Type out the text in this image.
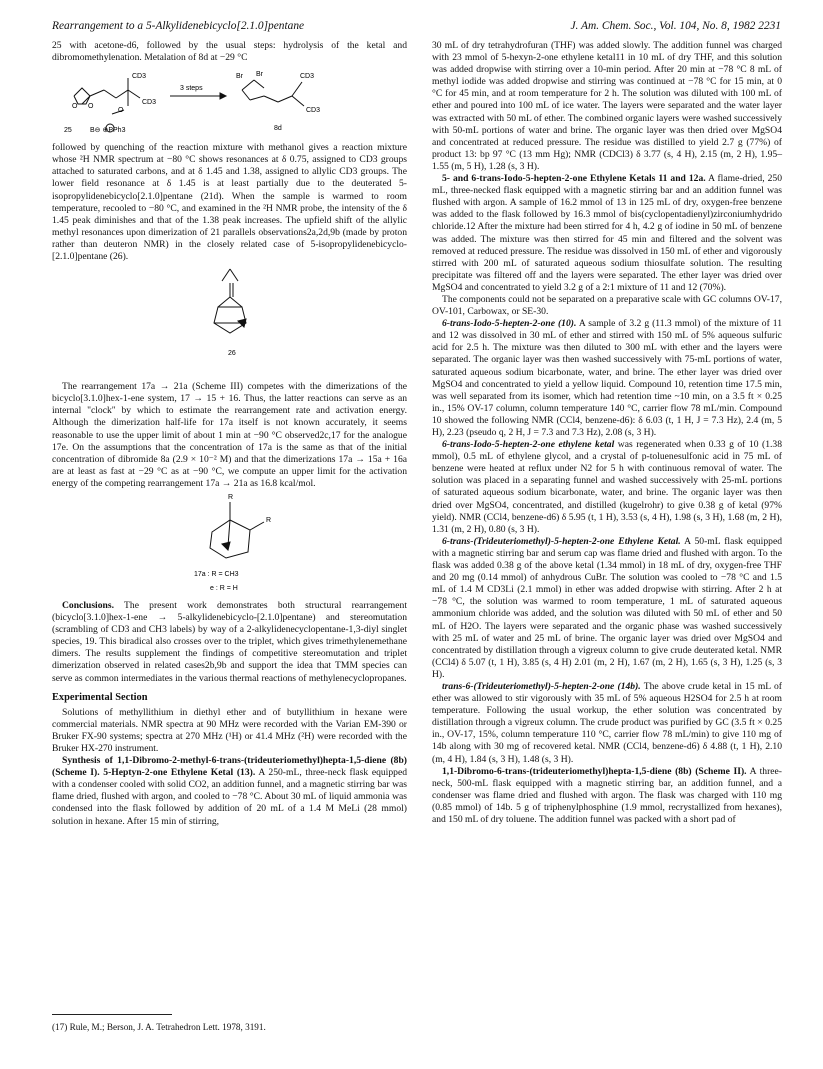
Rearrangement to a 5-Alkylidenebicyclo[2.1.0]pentane	J. Am. Chem. Soc., Vol. 104, No. 8, 1982 2231

25 with acetone-d6, followed by the usual steps: hydrolysis of the ketal and dibromomethylenation. Metalation of 8d at −29 °C

O O
CD3
O
CD3
25	B⊖ ⊕PPh3
3 steps
Br Br	CD3
CD3
8d

followed by quenching of the reaction mixture with methanol gives a reaction mixture whose ²H NMR spectrum at −80 °C shows resonances at δ 0.75, assigned to CD3 groups attached to saturated carbons, and at δ 1.45 and 1.38, assigned to allylic CD3 groups. The lower field resonance at δ 1.45 is at least partially due to the deuterated 5-isopropylidenebicyclo[2.1.0]pentane (21d). When the sample is warmed to room temperature, recooled to −80 °C, and examined in the ²H NMR probe, the intensity of the δ 1.45 peak diminishes and that of the 1.38 peak increases. The upfield shift of the allylic methyl resonances upon dimerization of 21 parallels observations2a,2d,9b (made by proton rather than deuteron NMR) in the closely related case of 5-isopropylidenebicyclo-[2.1.0]pentane (26).

26

The rearrangement 17a → 21a (Scheme III) competes with the dimerizations of the bicyclo[3.1.0]hex-1-ene system, 17 → 15 + 16. Thus, the latter reactions can serve as an internal "clock" by which to estimate the rearrangement rate and activation energy. Although the dimerization half-life for 17a itself is not known accurately, it seems reasonable to use the upper limit of about 1 min at −90 °C observed2c,17 for the analogue 17e. On the assumptions that the concentration of 17a is the same as that of the initial concentration of dibromide 8a (2.9 × 10⁻² M) and that the dimerizations 17a → 15a + 16a are at least as fast at −29 °C as at −90 °C, we compute an upper limit for the activation energy of the competing rearrangement 17a → 21a as 16.8 kcal/mol.

R
R
17a : R = CH3
e : R = H

Conclusions. The present work demonstrates both structural rearrangement (bicyclo[3.1.0]hex-1-ene → 5-alkylidenebicyclo-[2.1.0]pentane) and stereomutation (scrambling of CD3 and CH3 labels) by way of a 2-alkylidenecyclopentane-1,3-diyl singlet species, 19. This biradical also crosses over to the triplet, which gives trimethylenemethane dimers. The results supplement the findings of competitive stereomutation and triplet dimerization observed in related cases2b,9b and support the idea that TMM species can serve as common intermediates in the various thermal reactions of methylenecyclopropanes.

Experimental Section

Solutions of methyllithium in diethyl ether and of butyllithium in hexane were commercial materials. NMR spectra at 90 MHz were recorded with the Varian EM-390 or Bruker FX-90 systems; spectra at 270 MHz (¹H) or 41.4 MHz (²H) were recorded with the Bruker HX-270 instrument.

Synthesis of 1,1-Dibromo-2-methyl-6-trans-(trideuteriomethyl)hepta-1,5-diene (8b) (Scheme I). 5-Heptyn-2-one Ethylene Ketal (13). A 250-mL, three-neck flask equipped with a condenser cooled with solid CO2, an addition funnel, and a magnetic stirring bar was flame dried, flushed with argon, and cooled to −78 °C. About 30 mL of liquid ammonia was condensed into the flask followed by addition of 20 mL of a 1.4 M MeLi (28 mmol) solution in hexane. After 15 min of stirring,

(17) Rule, M.; Berson, J. A. Tetrahedron Lett. 1978, 3191.

30 mL of dry tetrahydrofuran (THF) was added slowly. The addition funnel was charged with 23 mmol of 5-hexyn-2-one ethylene ketal11 in 10 mL of dry THF, and this solution was added dropwise with stirring over a 10-min period. After 20 min at −78 °C 8 mL of methyl iodide was added dropwise and stirring was continued at −78 °C for 15 min, at 0 °C for 45 min, and at room temperature for 2 h. The solution was diluted with 100 mL of ether and poured into 100 mL of ice water. The layers were separated and the water layer was extracted with 50 mL of ether. The combined organic layers were washed successively with 50-mL portions of water and brine. The organic layer was then dried over MgSO4 and concentrated at reduced pressure. The residue was distilled to yield 2.7 g (77%) of product 13: bp 97 °C (13 mm Hg); NMR (CDCl3) δ 3.77 (s, 4 H), 2.15 (m, 2 H), 1.95–1.55 (m, 5 H), 1.28 (s, 3 H).

5- and 6-trans-Iodo-5-hepten-2-one Ethylene Ketals 11 and 12a. A flame-dried, 250 mL, three-necked flask equipped with a magnetic stirring bar and an addition funnel was flushed with argon. A sample of 16.2 mmol of 13 in 125 mL of dry, oxygen-free benzene was added to the flask followed by 16.3 mmol of bis(cyclopentadienyl)zirconiumhydrido chloride.12 After the mixture had been stirred for 4 h, 4.2 g of iodine in 50 mL of benzene was added. The mixture was then stirred for 45 min and filtered and the solvent was removed at reduced pressure. The residue was dissolved in 150 mL of ether and vigorously stirred with 200 mL of saturated aqueous sodium thiosulfate solution. The resulting precipitate was filtered off and the layers were separated. The ether layer was dried over MgSO4 and concentrated to yield 3.2 g of a 2:1 mixture of 11 and 12 (70%).

The components could not be separated on a preparative scale with GC columns OV-17, OV-101, Carbowax, or SE-30.

6-trans-Iodo-5-hepten-2-one (10). A sample of 3.2 g (11.3 mmol) of the mixture of 11 and 12 was dissolved in 30 mL of ether and stirred with 150 mL of 5% aqueous sulfuric acid for 2.5 h. The mixture was then diluted to 300 mL with ether and the layers were separated. The organic layer was then washed successively with 75-mL portions of water, saturated aqueous sodium bicarbonate, water, and brine. The ether layer was dried over MgSO4 and concentrated to yield a yellow liquid. Compound 10, retention time 17.5 min, was well separated from its isomer, which had retention time ~10 min, on a 3.5 ft × 0.25 in., 15% OV-17 column, column temperature 140 °C, carrier flow 78 mL/min. Compound 10 showed the following NMR (CCl4, benzene-d6): δ 6.03 (t, 1 H, J = 7.3 Hz), 2.4 (m, 5 H), 2.23 (pseudo q, 2 H, J = 7.3 and 7.3 Hz), 2.08 (s, 3 H).

6-trans-Iodo-5-hepten-2-one ethylene ketal was regenerated when 0.33 g of 10 (1.38 mmol), 0.5 mL of ethylene glycol, and a crystal of p-toluenesulfonic acid in 75 mL of benzene were heated at reflux under N2 for 5 h with continuous removal of water. The solution was placed in a separating funnel and washed successively with 25-mL portions of saturated aqueous sodium bicarbonate, water, and brine. The organic layer was then dried over MgSO4, concentrated, and distilled (kugelrohr) to give 0.38 g of ketal (97% yield). NMR (CCl4, benzene-d6) δ 5.95 (t, 1 H), 3.53 (s, 4 H), 1.98 (s, 3 H), 1.68 (m, 2 H), 1.31 (m, 2 H), 0.80 (s, 3 H).

6-trans-(Trideuteriomethyl)-5-hepten-2-one Ethylene Ketal. A 50-mL flask equipped with a magnetic stirring bar and serum cap was flame dried and flushed with argon. To the flask was added 0.38 g of the above ketal (1.34 mmol) in 18 mL of dry, oxygen-free THF and 20 mg (0.14 mmol) of anhydrous CuBr. The solution was cooled to −78 °C and 1.5 mL of 1.4 M CD3Li (2.1 mmol) in ether was added dropwise with stirring. After 2 h at −78 °C, the solution was warmed to room temperature, 1 mL of saturated aqueous ammonium chloride was added, and the solution was diluted with 50 mL of ether and 50 mL of H2O. The layers were separated and the organic phase was washed successively with 25 mL of water and 25 mL of brine. The organic layer was dried over MgSO4 and concentrated by distillation through a vigreux column to give crude deuterated ketal. NMR (CCl4) δ 5.07 (t, 1 H), 3.85 (s, 4 H) 2.01 (m, 2 H), 1.67 (m, 2 H), 1.65 (s, 3 H), 1.25 (s, 3 H).

trans-6-(Trideuteriomethyl)-5-hepten-2-one (14b). The above crude ketal in 15 mL of ether was allowed to stir vigorously with 35 mL of 5% aqueous H2SO4 for 2.5 h at room temperature. Following the usual workup, the ether solution was concentrated by distillation through a vigreux column. The crude product was purified by GC (3.5 ft × 0.25 in., OV-17, 15%, column temperature 110 °C, carrier flow 78 mL/min) to give 110 mg of 14b along with 30 mg of recovered ketal. NMR (CCl4, benzene-d6) δ 4.88 (t, 1 H), 2.10 (m, 4 H), 1.84 (s, 3 H), 1.48 (s, 3 H).

1,1-Dibromo-6-trans-(trideuteriomethyl)hepta-1,5-diene (8b) (Scheme II). A three-neck, 500-mL flask equipped with a magnetic stirring bar, an addition funnel, and a condenser was flame dried and flushed with argon. The flask was charged with 110 mg (0.85 mmol) of 14b. 5 g of triphenylphosphine (1.9 mmol, recrystallized from hexanes), and 150 mL of dry toluene. The addition funnel was packed with a short pad of
